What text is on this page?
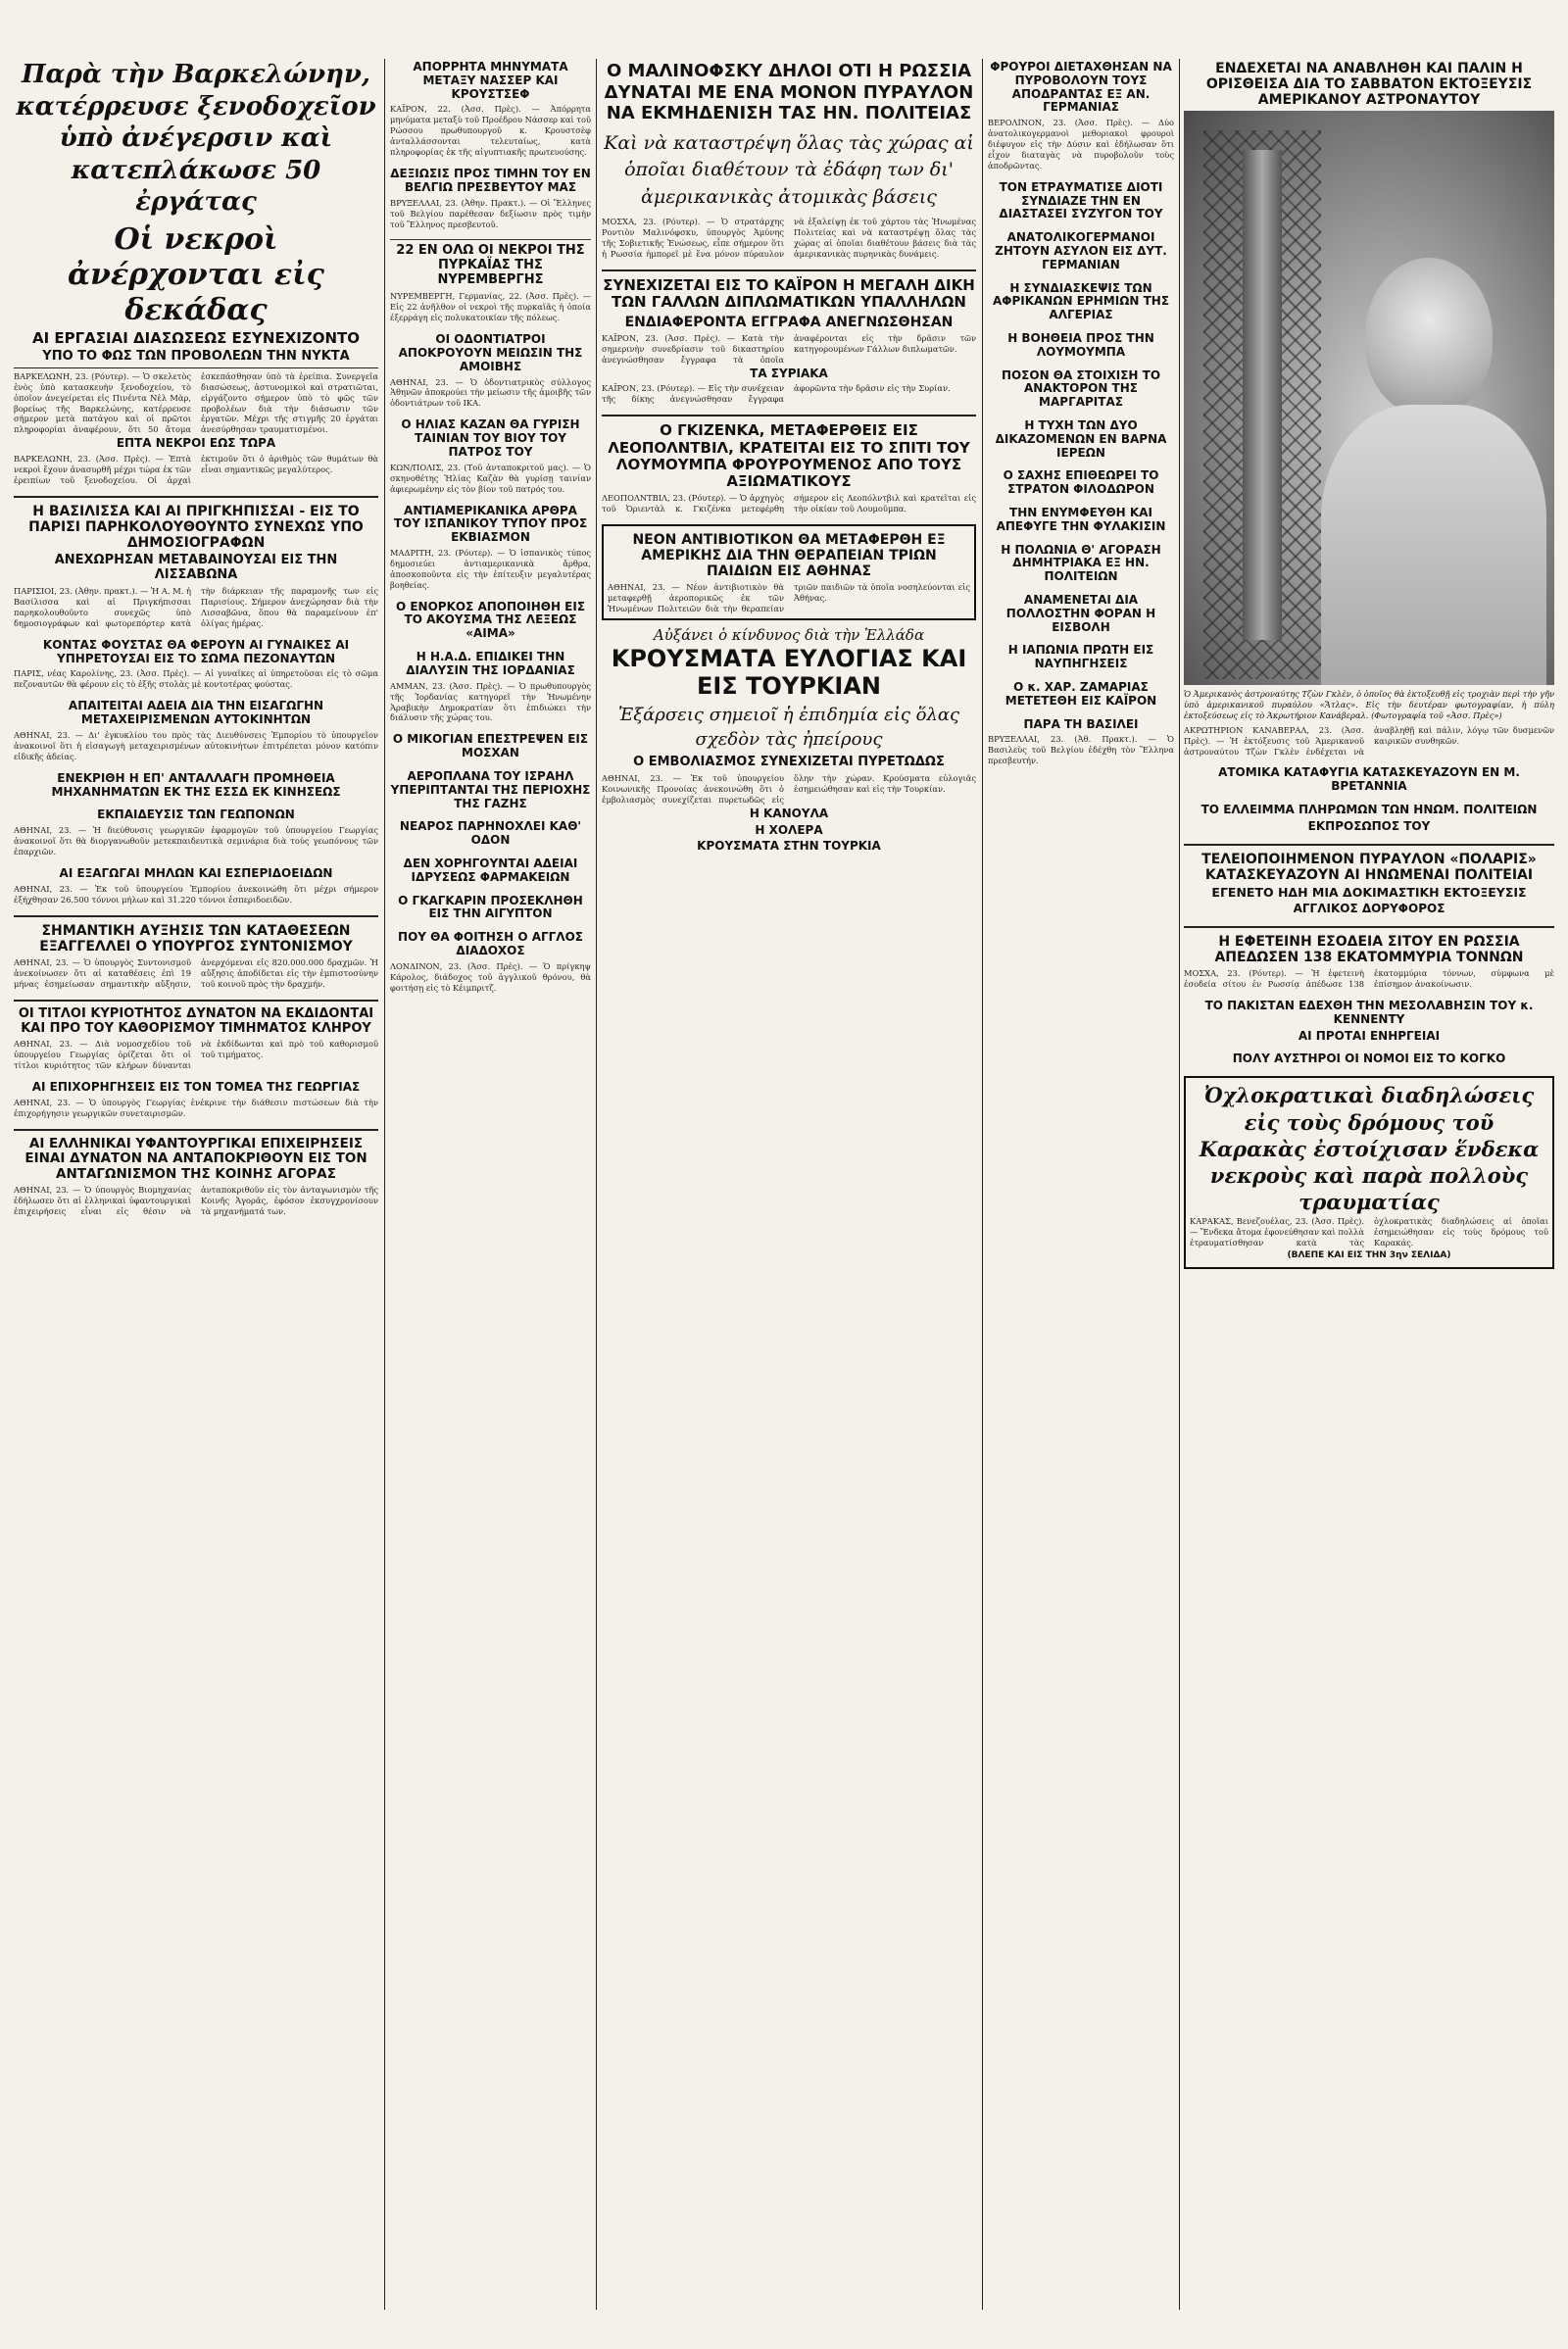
Παρὰ τὴν Βαρκελώνην, κατέρρευσε ξενοδοχεῖον ὑπὸ ἀνέγερσιν καὶ κατεπλάκωσε 50 ἐργάτας
Οἱ νεκροὶ ἀνέρχονται εἰς δεκάδας
ΑΙ ΕΡΓΑΣΙΑΙ ΔΙΑΣΩΣΕΩΣ ΕΣΥΝΕΧΙΖΟΝΤΟ
ΥΠΟ ΤΟ ΦΩΣ ΤΩΝ ΠΡΟΒΟΛΕΩΝ ΤΗΝ ΝΥΚΤΑ
ΒΑΡΚΕΛΩΝΗ, 23. (Ρόυτερ). — Ὁ σκελετὸς ἑνὸς ὑπὸ κατασκευὴν ξενοδοχείου, τὸ ὁποῖον ἀνεγείρεται εἰς Πινέντα Νὲλ Μὰρ, βορείως τῆς Βαρκελώνης, κατέρρευσε σήμερον μετὰ πατάγου καὶ οἱ πρῶτοι πληροφορίαι ἀναφέρουν, ὅτι 50 ἄτομα ἐσκεπάσθησαν ὑπὸ τὰ ἐρείπια. Συνεργεῖα διασώσεως, ἀστυνομικοὶ καὶ στρατιῶται, εἰργάζοντο σήμερον ὑπὸ τὸ φῶς τῶν προβολέων διὰ τὴν διάσωσιν τῶν ἐργατῶν. Μέχρι τῆς στιγμῆς 20 ἐργάται ἀνεσύρθησαν τραυματισμένοι.
ΕΠΤΑ ΝΕΚΡΟΙ ΕΩΣ ΤΩΡΑ
ΒΑΡΚΕΛΩΝΗ, 23. (Ἀσσ. Πρὲς). — Ἑπτὰ νεκροὶ ἔχουν ἀνασυρθῆ μέχρι τώρα ἐκ τῶν ἐρειπίων τοῦ ξενοδοχείου. Οἱ ἀρχαὶ ἐκτιμοῦν ὅτι ὁ ἀριθμὸς τῶν θυμάτων θὰ εἶναι σημαντικῶς μεγαλύτερος.
Η ΒΑΣΙΛΙΣΣΑ ΚΑΙ ΑΙ ΠΡΙΓΚΗΠΙΣΣΑΙ - ΕΙΣ ΤΟ ΠΑΡΙΣΙ ΠΑΡΗΚΟΛΟΥΘΟΥΝΤΟ ΣΥΝΕΧΩΣ ΥΠΟ ΔΗΜΟΣΙΟΓΡΑΦΩΝ
ΑΝΕΧΩΡΗΣΑΝ ΜΕΤΑΒΑΙΝΟΥΣΑΙ ΕΙΣ ΤΗΝ ΛΙΣΣΑΒΩΝΑ
ΠΑΡΙΣΙΟΙ, 23. (Ἀθην. πρακτ.). — Ἡ Α. Μ. ἡ Βασίλισσα καὶ αἱ Πριγκήπισσαι παρηκολουθοῦντο συνεχῶς ὑπὸ δημοσιογράφων καὶ φωτορεπόρτερ κατὰ τὴν διάρκειαν τῆς παραμονῆς των εἰς Παρισίους. Σήμερον ἀνεχώρησαν διὰ τὴν Λισσαβῶνα, ὅπου θὰ παραμείνουν ἐπ' ὀλίγας ἡμέρας.
ΚΟΝΤΑΣ ΦΟΥΣΤΑΣ ΘΑ ΦΕΡΟΥΝ ΑΙ ΓΥΝΑΙΚΕΣ ΑΙ ΥΠΗΡΕΤΟΥΣΑΙ ΕΙΣ ΤΟ ΣΩΜΑ ΠΕΖΟΝΑΥΤΩΝ
ΠΑΡΙΣ, νέας Καρολίνης, 23. (Ἀσσ. Πρὲς). — Αἱ γυναῖκες αἱ ὑπηρετοῦσαι εἰς τὸ σῶμα πεζοναυτῶν θὰ φέρουν εἰς τὸ ἑξῆς στολὰς μὲ κοντοτέρας φούστας.
ΑΠΑΙΤΕΙΤΑΙ ΑΔΕΙΑ ΔΙΑ ΤΗΝ ΕΙΣΑΓΩΓΗΝ ΜΕΤΑΧΕΙΡΙΣΜΕΝΩΝ ΑΥΤΟΚΙΝΗΤΩΝ
ΑΘΗΝΑΙ, 23. — Δι' ἐγκυκλίου του πρὸς τὰς Διευθύνσεις Ἐμπορίου τὸ ὑπουργεῖον ἀνακοινοῖ ὅτι ἡ εἰσαγωγὴ μεταχειρισμένων αὐτοκινήτων ἐπιτρέπεται μόνον κατόπιν εἰδικῆς ἀδείας.
ΕΝΕΚΡΙΘΗ Η ΕΠ' ΑΝΤΑΛΛΑΓΗ ΠΡΟΜΗΘΕΙΑ ΜΗΧΑΝΗΜΑΤΩΝ ΕΚ ΤΗΣ ΕΣΣΔ ΕΚ ΚΙΝΗΣΕΩΣ
ΕΚΠΑΙΔΕΥΣΙΣ ΤΩΝ ΓΕΩΠΟΝΩΝ
ΑΘΗΝΑΙ, 23. — Ἡ διεύθυνσις γεωργικῶν ἐφαρμογῶν τοῦ ὑπουργείου Γεωργίας ἀνακοινοῖ ὅτι θὰ διοργανωθοῦν μετεκπαιδευτικὰ σεμινάρια διὰ τοὺς γεωπόνους τῶν ἐπαρχιῶν.
ΑΙ ΕΞΑΓΩΓΑΙ ΜΗΛΩΝ ΚΑΙ ΕΣΠΕΡΙΔΟΕΙΔΩΝ
ΑΘΗΝΑΙ, 23. — Ἐκ τοῦ ὑπουργείου Ἐμπορίου ἀνεκοινώθη ὅτι μέχρι σήμερον ἐξήχθησαν 26.500 τόννοι μήλων καὶ 31.220 τόννοι ἐσπεριδοειδῶν.
ΣΗΜΑΝΤΙΚΗ ΑΥΞΗΣΙΣ ΤΩΝ ΚΑΤΑΘΕΣΕΩΝ ΕΞΑΓΓΕΛΛΕΙ Ο ΥΠΟΥΡΓΟΣ ΣΥΝΤΟΝΙΣΜΟΥ
ΑΘΗΝΑΙ, 23. — Ὁ ὑπουργὸς Συντονισμοῦ ἀνεκοίνωσεν ὅτι αἱ καταθέσεις ἐπὶ 19 μήνας ἐσημείωσαν σημαντικὴν αὔξησιν, ἀνερχόμεναι εἰς 820.000.000 δραχμῶν. Ἡ αὔξησις ἀποδίδεται εἰς τὴν ἐμπιστοσύνην τοῦ κοινοῦ πρὸς τὴν δραχμήν.
ΟΙ ΤΙΤΛΟΙ ΚΥΡΙΟΤΗΤΟΣ ΔΥΝΑΤΟΝ ΝΑ ΕΚΔΙΔΟΝΤΑΙ ΚΑΙ ΠΡΟ ΤΟΥ ΚΑΘΟΡΙΣΜΟΥ ΤΙΜΗΜΑΤΟΣ ΚΛΗΡΟΥ
ΑΘΗΝΑΙ, 23. — Διὰ νομοσχεδίου τοῦ ὑπουργείου Γεωργίας ὁρίζεται ὅτι οἱ τίτλοι κυριότητος τῶν κλήρων δύνανται νὰ ἐκδίδωνται καὶ πρὸ τοῦ καθορισμοῦ τοῦ τιμήματος.
ΑΙ ΕΠΙΧΟΡΗΓΗΣΕΙΣ ΕΙΣ ΤΟΝ ΤΟΜΕΑ ΤΗΣ ΓΕΩΡΓΙΑΣ
ΑΘΗΝΑΙ, 23. — Ὁ ὑπουργὸς Γεωργίας ἐνέκρινε τὴν διάθεσιν πιστώσεων διὰ τὴν ἐπιχορήγησιν γεωργικῶν συνεταιρισμῶν.
ΑΙ ΕΛΛΗΝΙΚΑΙ ΥΦΑΝΤΟΥΡΓΙΚΑΙ ΕΠΙΧΕΙΡΗΣΕΙΣ ΕΙΝΑΙ ΔΥΝΑΤΟΝ ΝΑ ΑΝΤΑΠΟΚΡΙΘΟΥΝ ΕΙΣ ΤΟΝ ΑΝΤΑΓΩΝΙΣΜΟΝ ΤΗΣ ΚΟΙΝΗΣ ΑΓΟΡΑΣ
ΑΘΗΝΑΙ, 23. — Ὁ ὑπουργὸς Βιομηχανίας ἐδήλωσεν ὅτι αἱ ἑλληνικαὶ ὑφαντουργικαὶ ἐπιχειρήσεις εἶναι εἰς θέσιν νὰ ἀνταποκριθοῦν εἰς τὸν ἀνταγωνισμὸν τῆς Κοινῆς Ἀγορᾶς, ἐφόσον ἐκσυγχρονίσουν τὰ μηχανήματά των.
ΑΠΟΡΡΗΤΑ ΜΗΝΥΜΑΤΑ ΜΕΤΑΞΥ ΝΑΣΣΕΡ ΚΑΙ ΚΡΟΥΣΤΣΕΦ
ΚΑΪΡΟΝ, 22. (Ἀσσ. Πρὲς). — Ἀπόρρητα μηνύματα μεταξὺ τοῦ Προέδρου Νάσσερ καὶ τοῦ Ρώσσου πρωθυπουργοῦ κ. Κρουστσὲφ ἀνταλλάσσονται τελευταίως, κατὰ πληροφορίας ἐκ τῆς αἰγυπτιακῆς πρωτευούσης.
ΔΕΞΙΩΣΙΣ ΠΡΟΣ ΤΙΜΗΝ ΤΟΥ ΕΝ ΒΕΛΓΙΩ ΠΡΕΣΒΕΥΤΟΥ ΜΑΣ
ΒΡΥΞΕΛΛΑΙ, 23. (Ἀθην. Πρακτ.). — Οἱ Ἕλληνες τοῦ Βελγίου παρέθεσαν δεξίωσιν πρὸς τιμὴν τοῦ Ἕλληνος πρεσβευτοῦ.
22 ΕΝ ΟΛΩ ΟΙ ΝΕΚΡΟΙ ΤΗΣ ΠΥΡΚΑΪΑΣ ΤΗΣ ΝΥΡΕΜΒΕΡΓΗΣ
ΝΥΡΕΜΒΕΡΓΗ, Γερμανίας, 22. (Ἀσσ. Πρὲς). — Εἰς 22 ἀνῆλθον οἱ νεκροὶ τῆς πυρκαϊᾶς ἡ ὁποία ἐξερράγη εἰς πολυκατοικίαν τῆς πόλεως.
ΟΙ ΟΔΟΝΤΙΑΤΡΟΙ ΑΠΟΚΡΟΥΟΥΝ ΜΕΙΩΣΙΝ ΤΗΣ ΑΜΟΙΒΗΣ
ΑΘΗΝΑΙ, 23. — Ὁ ὀδοντιατρικὸς σύλλογος Ἀθηνῶν ἀποκρούει τὴν μείωσιν τῆς ἀμοιβῆς τῶν ὀδοντιάτρων τοῦ ΙΚΑ.
Ο ΗΛΙΑΣ ΚΑΖΑΝ ΘΑ ΓΥΡΙΣΗ ΤΑΙΝΙΑΝ ΤΟΥ ΒΙΟΥ ΤΟΥ ΠΑΤΡΟΣ ΤΟΥ
ΚΩΝ/ΠΟΛΙΣ, 23. (Τοῦ ἀνταποκριτοῦ μας). — Ὁ σκηνοθέτης Ἠλίας Καζὰν θὰ γυρίσῃ ταινίαν ἀφιερωμένην εἰς τὸν βίον τοῦ πατρός του.
ΑΝΤΙΑΜΕΡΙΚΑΝΙΚΑ ΑΡΘΡΑ ΤΟΥ ΙΣΠΑΝΙΚΟΥ ΤΥΠΟΥ ΠΡΟΣ ΕΚΒΙΑΣΜΟΝ
ΜΑΔΡΙΤΗ, 23. (Ρόυτερ). — Ὁ ἱσπανικὸς τύπος δημοσιεύει ἀντιαμερικανικὰ ἄρθρα, ἀποσκοποῦντα εἰς τὴν ἐπίτευξιν μεγαλυτέρας βοηθείας.
Ο ΕΝΟΡΚΟΣ ΑΠΟΠΟΙΗΘΗ ΕΙΣ ΤΟ ΑΚΟΥΣΜΑ ΤΗΣ ΛΕΞΕΩΣ «ΑΙΜΑ»
Η Η.Α.Δ. ΕΠΙΔΙΚΕΙ ΤΗΝ ΔΙΑΛΥΣΙΝ ΤΗΣ ΙΟΡΔΑΝΙΑΣ
ΑΜΜΑΝ, 23. (Ἀσσ. Πρὲς). — Ὁ πρωθυπουργὸς τῆς Ἰορδανίας κατηγορεῖ τὴν Ἡνωμένην Ἀραβικὴν Δημοκρατίαν ὅτι ἐπιδιώκει τὴν διάλυσιν τῆς χώρας του.
Ο ΜΙΚΟΓΙΑΝ ΕΠΕΣΤΡΕΨΕΝ ΕΙΣ ΜΟΣΧΑΝ
ΑΕΡΟΠΛΑΝΑ ΤΟΥ ΙΣΡΑΗΛ ΥΠΕΡΙΠΤΑΝΤΑΙ ΤΗΣ ΠΕΡΙΟΧΗΣ ΤΗΣ ΓΑΖΗΣ
ΝΕΑΡΟΣ ΠΑΡΗΝΟΧΛΕΙ ΚΑΘ' ΟΔΟΝ
ΔΕΝ ΧΟΡΗΓΟΥΝΤΑΙ ΑΔΕΙΑΙ ΙΔΡΥΣΕΩΣ ΦΑΡΜΑΚΕΙΩΝ
Ο ΓΚΑΓΚΑΡΙΝ ΠΡΟΣΕΚΛΗΘΗ ΕΙΣ ΤΗΝ ΑΙΓΥΠΤΟΝ
ΠΟΥ ΘΑ ΦΟΙΤΗΣΗ Ο ΑΓΓΛΟΣ ΔΙΑΔΟΧΟΣ
ΛΟΝΔΙΝΟΝ, 23. (Ἀσσ. Πρὲς). — Ὁ πρίγκηψ Κάρολος, διάδοχος τοῦ ἀγγλικοῦ θρόνου, θὰ φοιτήσῃ εἰς τὸ Κέιμπριτζ.
Ο ΜΑΛΙΝΟΦΣΚΥ ΔΗΛΟΙ ΟΤΙ Η ΡΩΣΣΙΑ ΔΥΝΑΤΑΙ ΜΕ ΕΝΑ ΜΟΝΟΝ ΠΥΡΑΥΛΟΝ ΝΑ ΕΚΜΗΔΕΝΙΣΗ ΤΑΣ ΗΝ. ΠΟΛΙΤΕΙΑΣ
Καὶ νὰ καταστρέψη ὅλας τὰς χώρας αἱ ὁποῖαι διαθέτουν τὰ ἐδάφη των δι' ἀμερικανικὰς ἀτομικὰς βάσεις
ΜΟΣΧΑ, 23. (Ρόυτερ). — Ὁ στρατάρχης Ροντιὸν Μαλινόφσκυ, ὑπουργὸς Ἀμύνης τῆς Σοβιετικῆς Ἑνώσεως, εἶπε σήμερον ὅτι ἡ Ρωσσία ἠμπορεῖ μὲ ἕνα μόνον πύραυλον νὰ ἐξαλείψῃ ἐκ τοῦ χάρτου τὰς Ἡνωμένας Πολιτείας καὶ νὰ καταστρέψῃ ὅλας τὰς χώρας αἱ ὁποῖαι διαθέτουν βάσεις διὰ τὰς ἀμερικανικὰς πυρηνικὰς δυνάμεις.
ΣΥΝΕΧΙΖΕΤΑΙ ΕΙΣ ΤΟ ΚΑΪΡΟΝ Η ΜΕΓΑΛΗ ΔΙΚΗ ΤΩΝ ΓΑΛΛΩΝ ΔΙΠΛΩΜΑΤΙΚΩΝ ΥΠΑΛΛΗΛΩΝ
ΕΝΔΙΑΦΕΡΟΝΤΑ ΕΓΓΡΑΦΑ ΑΝΕΓΝΩΣΘΗΣΑΝ
ΚΑΪΡΟΝ, 23. (Ἀσσ. Πρὲς). — Κατὰ τὴν σημερινὴν συνεδρίασιν τοῦ δικαστηρίου ἀνεγνώσθησαν ἔγγραφα τὰ ὁποῖα ἀναφέρονται εἰς τὴν δρᾶσιν τῶν κατηγορουμένων Γάλλων διπλωματῶν.
ΤΑ ΣΥΡΙΑΚΑ
ΚΑΪΡΟΝ, 23. (Ρόυτερ). — Εἰς τὴν συνέχειαν τῆς δίκης ἀνεγνώσθησαν ἔγγραφα ἀφορῶντα τὴν δρᾶσιν εἰς τὴν Συρίαν.
Ο ΓΚΙΖΕΝΚΑ, ΜΕΤΑΦΕΡΘΕΙΣ ΕΙΣ ΛΕΟΠΟΛΝΤΒΙΛ, ΚΡΑΤΕΙΤΑΙ ΕΙΣ ΤΟ ΣΠΙΤΙ ΤΟΥ ΛΟΥΜΟΥΜΠΑ ΦΡΟΥΡΟΥΜΕΝΟΣ ΑΠΟ ΤΟΥΣ ΑΞΙΩΜΑΤΙΚΟΥΣ
ΛΕΟΠΟΛΝΤΒΙΛ, 23. (Ρόυτερ). — Ὁ ἀρχηγὸς τοῦ Ὀριεντὰλ κ. Γκιζένκα μετεφέρθη σήμερον εἰς Λεοπόλντβιλ καὶ κρατεῖται εἰς τὴν οἰκίαν τοῦ Λουμοῦμπα.
ΝΕΟΝ ΑΝΤΙΒΙΟΤΙΚΟΝ ΘΑ ΜΕΤΑΦΕΡΘΗ ΕΞ ΑΜΕΡΙΚΗΣ ΔΙΑ ΤΗΝ ΘΕΡΑΠΕΙΑΝ ΤΡΙΩΝ ΠΑΙΔΙΩΝ ΕΙΣ ΑΘΗΝΑΣ
ΑΘΗΝΑΙ, 23. — Νέον ἀντιβιοτικὸν θὰ μεταφερθῇ ἀεροπορικῶς ἐκ τῶν Ἡνωμένων Πολιτειῶν διὰ τὴν θεραπείαν τριῶν παιδιῶν τὰ ὁποῖα νοσηλεύονται εἰς Ἀθήνας.
Αὐξάνει ὁ κίνδυνος διὰ τὴν Ἑλλάδα
ΚΡΟΥΣΜΑΤΑ ΕΥΛΟΓΙΑΣ ΚΑΙ ΕΙΣ ΤΟΥΡΚΙΑΝ
Ἐξάρσεις σημειοῖ ἡ ἐπιδημία εἰς ὅλας σχεδὸν τὰς ἠπείρους
Ο ΕΜΒΟΛΙΑΣΜΟΣ ΣΥΝΕΧΙΖΕΤΑΙ ΠΥΡΕΤΩΔΩΣ
ΑΘΗΝΑΙ, 23. — Ἐκ τοῦ ὑπουργείου Κοινωνικῆς Προνοίας ἀνεκοινώθη ὅτι ὁ ἐμβολιασμὸς συνεχίζεται πυρετωδῶς εἰς ὅλην τὴν χώραν. Κρούσματα εὐλογιᾶς ἐσημειώθησαν καὶ εἰς τὴν Τουρκίαν.
Η ΚΑΝΟΥΛΑ
Η ΧΟΛΕΡΑ
ΚΡΟΥΣΜΑΤΑ ΣΤΗΝ ΤΟΥΡΚΙΑ
ΦΡΟΥΡΟΙ ΔΙΕΤΑΧΘΗΣΑΝ ΝΑ ΠΥΡΟΒΟΛΟΥΝ ΤΟΥΣ ΑΠΟΔΡΑΝΤΑΣ ΕΞ ΑΝ. ΓΕΡΜΑΝΙΑΣ
ΒΕΡΟΛΙΝΟΝ, 23. (Ἀσσ. Πρὲς). — Δύο ἀνατολικογερμανοὶ μεθοριακοὶ φρουροὶ διέφυγον εἰς τὴν Δύσιν καὶ ἐδήλωσαν ὅτι εἶχον διαταγὰς νὰ πυροβολοῦν τοὺς ἀποδρῶντας.
ΤΟΝ ΕΤΡΑΥΜΑΤΙΣΕ ΔΙΟΤΙ ΣΥΝΔΙΑΖΕ ΤΗΝ ΕΝ ΔΙΑΣΤΑΣΕΙ ΣΥΖΥΓΟΝ ΤΟΥ
ΑΝΑΤΟΛΙΚΟΓΕΡΜΑΝΟΙ ΖΗΤΟΥΝ ΑΣΥΛΟΝ ΕΙΣ ΔΥΤ. ΓΕΡΜΑΝΙΑΝ
Η ΣΥΝΔΙΑΣΚΕΨΙΣ ΤΩΝ ΑΦΡΙΚΑΝΩΝ ΕΡΗΜΙΩΝ ΤΗΣ ΑΛΓΕΡΙΑΣ
Η ΒΟΗΘΕΙΑ ΠΡΟΣ ΤΗΝ ΛΟΥΜΟΥΜΠΑ
ΠΟΣΟΝ ΘΑ ΣΤΟΙΧΙΣΗ ΤΟ ΑΝΑΚΤΟΡΟΝ ΤΗΣ ΜΑΡΓΑΡΙΤΑΣ
Η ΤΥΧΗ ΤΩΝ ΔΥΟ ΔΙΚΑΖΟΜΕΝΩΝ ΕΝ ΒΑΡΝΑ ΙΕΡΕΩΝ
Ο ΣΑΧΗΣ ΕΠΙΘΕΩΡΕΙ ΤΟ ΣΤΡΑΤΟΝ ΦΙΛΟΔΩΡΟΝ
ΤΗΝ ΕΝΥΜΦΕΥΘΗ ΚΑΙ ΑΠΕΦΥΓΕ ΤΗΝ ΦΥΛΑΚΙΣΙΝ
Η ΠΟΛΩΝΙΑ Θ' ΑΓΟΡΑΣΗ ΔΗΜΗΤΡΙΑΚΑ ΕΞ ΗΝ. ΠΟΛΙΤΕΙΩΝ
ΑΝΑΜΕΝΕΤΑΙ ΔΙΑ ΠΟΛΛΟΣΤΗΝ ΦΟΡΑΝ Η ΕΙΣΒΟΛΗ
Η ΙΑΠΩΝΙΑ ΠΡΩΤΗ ΕΙΣ ΝΑΥΠΗΓΗΣΕΙΣ
Ο κ. ΧΑΡ. ΖΑΜΑΡΙΑΣ ΜΕΤΕΤΕΘΗ ΕΙΣ ΚΑΪΡΟΝ
ΠΑΡΑ ΤΗ ΒΑΣΙΛΕΙ
ΒΡΥΞΕΛΛΑΙ, 23. (Ἀθ. Πρακτ.). — Ὁ Βασιλεὺς τοῦ Βελγίου ἐδέχθη τὸν Ἕλληνα πρεσβευτήν.
ΕΝΔΕΧΕΤΑΙ ΝΑ ΑΝΑΒΛΗΘΗ ΚΑΙ ΠΑΛΙΝ Η ΟΡΙΣΘΕΙΣΑ ΔΙΑ ΤΟ ΣΑΒΒΑΤΟΝ ΕΚΤΟΞΕΥΣΙΣ ΑΜΕΡΙΚΑΝΟΥ ΑΣΤΡΟΝΑΥΤΟΥ
Ὁ Ἀμερικανὸς ἀστροναύτης Τζὼν Γκλὲν, ὁ ὁποῖος θὰ ἐκτοξευθῇ εἰς τροχιὰν περὶ τὴν γῆν ὑπὸ ἀμερικανικοῦ πυραύλου «Ἄτλας». Εἰς τὴν δευτέραν φωτογραφίαν, ἡ πύλη ἐκτοξεύσεως εἰς τὸ Ἀκρωτήριον Κανάβεραλ. (Φωτογραφία τοῦ «Ἀσσ. Πρὲς»)
ΑΚΡΩΤΗΡΙΟΝ ΚΑΝΑΒΕΡΑΛ, 23. (Ἀσσ. Πρὲς). — Ἡ ἐκτόξευσις τοῦ Ἀμερικανοῦ ἀστροναύτου Τζὼν Γκλὲν ἐνδέχεται νὰ ἀναβληθῇ καὶ πάλιν, λόγῳ τῶν δυσμενῶν καιρικῶν συνθηκῶν.
ΑΤΟΜΙΚΑ ΚΑΤΑΦΥΓΙΑ ΚΑΤΑΣΚΕΥΑΖΟΥΝ ΕΝ Μ. ΒΡΕΤΑΝΝΙΑ
ΤΟ ΕΛΛΕΙΜΜΑ ΠΛΗΡΩΜΩΝ ΤΩΝ ΗΝΩΜ. ΠΟΛΙΤΕΙΩΝ
ΕΚΠΡΟΣΩΠΟΣ ΤΟΥ
ΤΕΛΕΙΟΠΟΙΗΜΕΝΟΝ ΠΥΡΑΥΛΟΝ «ΠΟΛΑΡΙΣ» ΚΑΤΑΣΚΕΥΑΖΟΥΝ ΑΙ ΗΝΩΜΕΝΑΙ ΠΟΛΙΤΕΙΑΙ
ΕΓΕΝΕΤΟ ΗΔΗ ΜΙΑ ΔΟΚΙΜΑΣΤΙΚΗ ΕΚΤΟΞΕΥΣΙΣ
ΑΓΓΛΙΚΟΣ ΔΟΡΥΦΟΡΟΣ
Η ΕΦΕΤΕΙΝΗ ΕΣΟΔΕΙΑ ΣΙΤΟΥ ΕΝ ΡΩΣΣΙΑ ΑΠΕΔΩΣΕΝ 138 ΕΚΑΤΟΜΜΥΡΙΑ ΤΟΝΝΩΝ
ΜΟΣΧΑ, 23. (Ρόυτερ). — Ἡ ἐφετεινὴ ἐσοδεία σίτου ἐν Ρωσσίᾳ ἀπέδωσε 138 ἑκατομμύρια τόννων, σύμφωνα μὲ ἐπίσημον ἀνακοίνωσιν.
ΤΟ ΠΑΚΙΣΤΑΝ ΕΔΕΧΘΗ ΤΗΝ ΜΕΣΟΛΑΒΗΣΙΝ ΤΟΥ κ. ΚΕΝΝΕΝΤΥ
ΑΙ ΠΡΟΤΑΙ ΕΝΗΡΓΕΙΑΙ
ΠΟΛΥ ΑΥΣΤΗΡΟΙ ΟΙ ΝΟΜΟΙ ΕΙΣ ΤΟ ΚΟΓΚΟ
Ὀχλοκρατικαὶ διαδηλώσεις εἰς τοὺς δρόμους τοῦ Καρακὰς ἐστοίχισαν ἕνδεκα νεκροὺς καὶ παρὰ πολλοὺς τραυματίας
ΚΑΡΑΚΑΣ, Βενεζουέλας, 23. (Ἀσσ. Πρὲς). — Ἕνδεκα ἄτομα ἐφονεύθησαν καὶ πολλὰ ἐτραυματίσθησαν κατὰ τὰς ὀχλοκρατικὰς διαδηλώσεις αἱ ὁποῖαι ἐσημειώθησαν εἰς τοὺς δρόμους τοῦ Καρακάς.
(ΒΛΕΠΕ ΚΑΙ ΕΙΣ ΤΗΝ 3ην ΣΕΛΙΔΑ)
